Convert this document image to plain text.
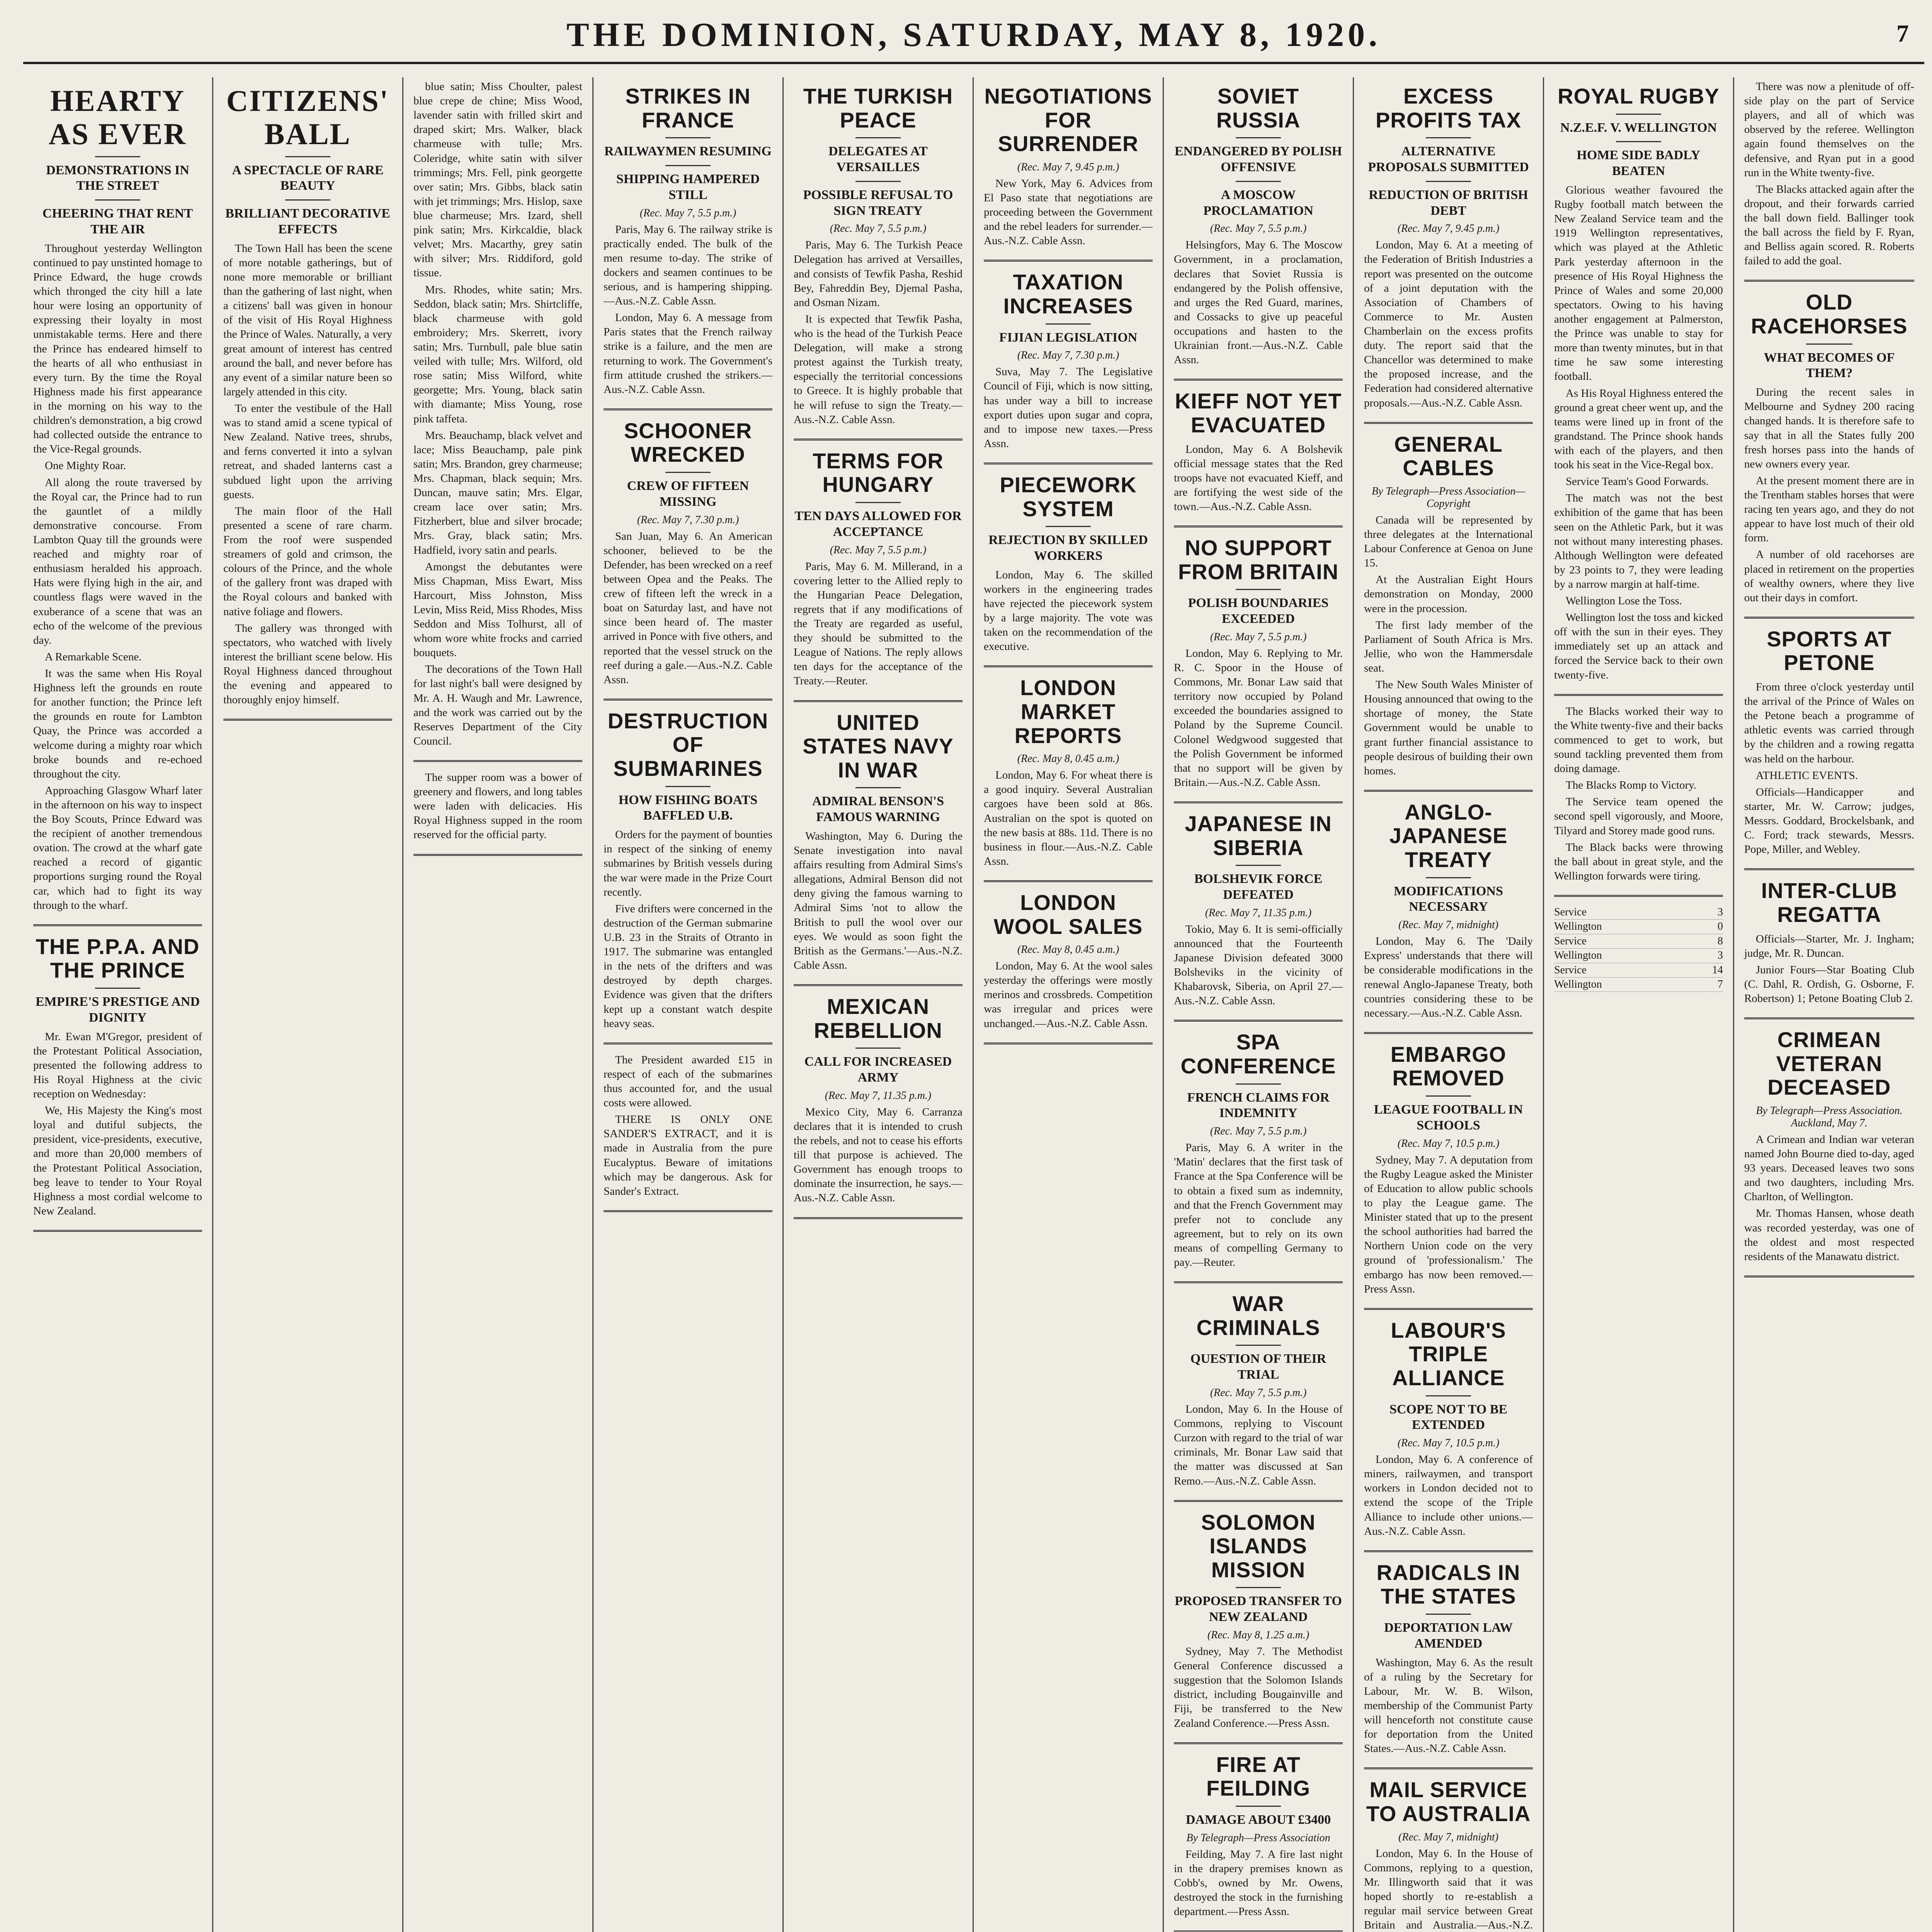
THE DOMINION, SATURDAY, MAY 8, 1920.	7
HEARTY AS EVER
DEMONSTRATIONS IN THE STREET
CHEERING THAT RENT THE AIR

Throughout yesterday Wellington continued to pay unstinted homage to Prince Edward, the huge crowds which thronged the city hill a late hour were losing an opportunity of expressing their loyalty in most unmistakable terms. Here and there the Prince has endeared himself to the hearts of all who enthusiast in every turn. By the time the Royal Highness made his first appearance in the morning on his way to the children's demonstration, a big crowd had collected outside the entrance to the Vice-Regal grounds.

One Mighty Roar.

All along the route traversed by the Royal car, the Prince had to run the gauntlet of a mildly demonstrative concourse. From Lambton Quay till the grounds were reached and mighty roar of enthusiasm heralded his approach. Hats were flying high in the air, and countless flags were waved in the exuberance of a scene that was an echo of the welcome of the previous day.

A Remarkable Scene.

It was the same when His Royal Highness left the grounds en route for another function; the Prince left the grounds en route for Lambton Quay, the Prince was accorded a welcome during a mighty roar which broke bounds and re-echoed throughout the city.

Approaching Glasgow Wharf later in the afternoon on his way to inspect the Boy Scouts, Prince Edward was the recipient of another tremendous ovation. The crowd at the wharf gate reached a record of gigantic proportions surging round the Royal car, which had to fight its way through to the wharf.

THE P.P.A. AND THE PRINCE
EMPIRE'S PRESTIGE AND DIGNITY

Mr. Ewan M'Gregor, president of the Protestant Political Association, presented the following address to His Royal Highness at the civic reception on Wednesday:

We, His Majesty the King's most loyal and dutiful subjects, the president, vice-presidents, executive, and more than 20,000 members of the Protestant Political Association, beg leave to tender to Your Royal Highness a most cordial welcome to New Zealand.

CITIZENS' BALL
A SPECTACLE OF RARE BEAUTY
BRILLIANT DECORATIVE EFFECTS

The Town Hall has been the scene of more notable gatherings, but of none more memorable or brilliant than the gathering of last night, when a citizens' ball was given in honour of the visit of His Royal Highness the Prince of Wales. Naturally, a very great amount of interest has centred around the ball, and never before has any event of a similar nature been so largely attended in this city.

To enter the vestibule of the Hall was to stand amid a scene typical of New Zealand. Native trees, shrubs, and ferns converted it into a sylvan retreat, and shaded lanterns cast a subdued light upon the arriving guests.

The main floor of the Hall presented a scene of rare charm. From the roof were suspended streamers of gold and crimson, the colours of the Prince, and the whole of the gallery front was draped with the Royal colours and banked with native foliage and flowers.

The gallery was thronged with spectators, who watched with lively interest the brilliant scene below. His Royal Highness danced throughout the evening and appeared to thoroughly enjoy himself.

blue satin; Miss Choulter, palest blue crepe de chine; Miss Wood, lavender satin with frilled skirt and draped skirt; Mrs. Walker, black charmeuse with tulle; Mrs. Coleridge, white satin with silver trimmings; Mrs. Fell, pink georgette over satin; Mrs. Gibbs, black satin with jet trimmings; Mrs. Hislop, saxe blue charmeuse; Mrs. Izard, shell pink satin; Mrs. Kirkcaldie, black velvet; Mrs. Macarthy, grey satin with silver; Mrs. Riddiford, gold tissue.

Mrs. Rhodes, white satin; Mrs. Seddon, black satin; Mrs. Shirtcliffe, black charmeuse with gold embroidery; Mrs. Skerrett, ivory satin; Mrs. Turnbull, pale blue satin veiled with tulle; Mrs. Wilford, old rose satin; Miss Wilford, white georgette; Mrs. Young, black satin with diamante; Miss Young, rose pink taffeta.

Mrs. Beauchamp, black velvet and lace; Miss Beauchamp, pale pink satin; Mrs. Brandon, grey charmeuse; Mrs. Chapman, black sequin; Mrs. Duncan, mauve satin; Mrs. Elgar, cream lace over satin; Mrs. Fitzherbert, blue and silver brocade; Mrs. Gray, black satin; Mrs. Hadfield, ivory satin and pearls.

Amongst the debutantes were Miss Chapman, Miss Ewart, Miss Harcourt, Miss Johnston, Miss Levin, Miss Reid, Miss Rhodes, Miss Seddon and Miss Tolhurst, all of whom wore white frocks and carried bouquets.

The decorations of the Town Hall for last night's ball were designed by Mr. A. H. Waugh and Mr. Lawrence, and the work was carried out by the Reserves Department of the City Council.

The supper room was a bower of greenery and flowers, and long tables were laden with delicacies. His Royal Highness supped in the room reserved for the official party.

STRIKES IN FRANCE
RAILWAYMEN RESUMING
SHIPPING HAMPERED STILL
(Rec. May 7, 5.5 p.m.)

Paris, May 6. The railway strike is practically ended. The bulk of the men resume to-day. The strike of dockers and seamen continues to be serious, and is hampering shipping.—Aus.-N.Z. Cable Assn.

London, May 6. A message from Paris states that the French railway strike is a failure, and the men are returning to work. The Government's firm attitude crushed the strikers.—Aus.-N.Z. Cable Assn.

SCHOONER WRECKED
CREW OF FIFTEEN MISSING
(Rec. May 7, 7.30 p.m.)

San Juan, May 6. An American schooner, believed to be the Defender, has been wrecked on a reef between Opea and the Peaks. The crew of fifteen left the wreck in a boat on Saturday last, and have not since been heard of. The master arrived in Ponce with five others, and reported that the vessel struck on the reef during a gale.—Aus.-N.Z. Cable Assn.

DESTRUCTION OF SUBMARINES
HOW FISHING BOATS BAFFLED U.B.

Orders for the payment of bounties in respect of the sinking of enemy submarines by British vessels during the war were made in the Prize Court recently.

Five drifters were concerned in the destruction of the German submarine U.B. 23 in the Straits of Otranto in 1917. The submarine was entangled in the nets of the drifters and was destroyed by depth charges. Evidence was given that the drifters kept up a constant watch despite heavy seas.

The President awarded £15 in respect of each of the submarines thus accounted for, and the usual costs were allowed.

THERE IS ONLY ONE SANDER'S EXTRACT, and it is made in Australia from the pure Eucalyptus. Beware of imitations which may be dangerous. Ask for Sander's Extract.

THE TURKISH PEACE
DELEGATES AT VERSAILLES
POSSIBLE REFUSAL TO SIGN TREATY
(Rec. May 7, 5.5 p.m.)

Paris, May 6. The Turkish Peace Delegation has arrived at Versailles, and consists of Tewfik Pasha, Reshid Bey, Fahreddin Bey, Djemal Pasha, and Osman Nizam.

It is expected that Tewfik Pasha, who is the head of the Turkish Peace Delegation, will make a strong protest against the Turkish treaty, especially the territorial concessions to Greece. It is highly probable that he will refuse to sign the Treaty.—Aus.-N.Z. Cable Assn.

TERMS FOR HUNGARY
TEN DAYS ALLOWED FOR ACCEPTANCE
(Rec. May 7, 5.5 p.m.)

Paris, May 6. M. Millerand, in a covering letter to the Allied reply to the Hungarian Peace Delegation, regrets that if any modifications of the Treaty are regarded as useful, they should be submitted to the League of Nations. The reply allows ten days for the acceptance of the Treaty.—Reuter.

UNITED STATES NAVY IN WAR
ADMIRAL BENSON'S FAMOUS WARNING

Washington, May 6. During the Senate investigation into naval affairs resulting from Admiral Sims's allegations, Admiral Benson did not deny giving the famous warning to Admiral Sims 'not to allow the British to pull the wool over our eyes. We would as soon fight the British as the Germans.'—Aus.-N.Z. Cable Assn.

MEXICAN REBELLION
CALL FOR INCREASED ARMY
(Rec. May 7, 11.35 p.m.)

Mexico City, May 6. Carranza declares that it is intended to crush the rebels, and not to cease his efforts till that purpose is achieved. The Government has enough troops to dominate the insurrection, he says.—Aus.-N.Z. Cable Assn.

NEGOTIATIONS FOR SURRENDER
(Rec. May 7, 9.45 p.m.)

New York, May 6. Advices from El Paso state that negotiations are proceeding between the Government and the rebel leaders for surrender.—Aus.-N.Z. Cable Assn.

TAXATION INCREASES
FIJIAN LEGISLATION
(Rec. May 7, 7.30 p.m.)

Suva, May 7. The Legislative Council of Fiji, which is now sitting, has under way a bill to increase export duties upon sugar and copra, and to impose new taxes.—Press Assn.

PIECEWORK SYSTEM
REJECTION BY SKILLED WORKERS

London, May 6. The skilled workers in the engineering trades have rejected the piecework system by a large majority. The vote was taken on the recommendation of the executive.

LONDON MARKET REPORTS
(Rec. May 8, 0.45 a.m.)

London, May 6. For wheat there is a good inquiry. Several Australian cargoes have been sold at 86s. Australian on the spot is quoted on the new basis at 88s. 11d. There is no business in flour.—Aus.-N.Z. Cable Assn.

LONDON WOOL SALES
(Rec. May 8, 0.45 a.m.)

London, May 6. At the wool sales yesterday the offerings were mostly merinos and crossbreds. Competition was irregular and prices were unchanged.—Aus.-N.Z. Cable Assn.

SOVIET RUSSIA
ENDANGERED BY POLISH OFFENSIVE
A MOSCOW PROCLAMATION
(Rec. May 7, 5.5 p.m.)

Helsingfors, May 6. The Moscow Government, in a proclamation, declares that Soviet Russia is endangered by the Polish offensive, and urges the Red Guard, marines, and Cossacks to give up peaceful occupations and hasten to the Ukrainian front.—Aus.-N.Z. Cable Assn.

KIEFF NOT YET EVACUATED

London, May 6. A Bolshevik official message states that the Red troops have not evacuated Kieff, and are fortifying the west side of the town.—Aus.-N.Z. Cable Assn.

NO SUPPORT FROM BRITAIN
POLISH BOUNDARIES EXCEEDED
(Rec. May 7, 5.5 p.m.)

London, May 6. Replying to Mr. R. C. Spoor in the House of Commons, Mr. Bonar Law said that territory now occupied by Poland exceeded the boundaries assigned to Poland by the Supreme Council. Colonel Wedgwood suggested that the Polish Government be informed that no support will be given by Britain.—Aus.-N.Z. Cable Assn.

JAPANESE IN SIBERIA
BOLSHEVIK FORCE DEFEATED
(Rec. May 7, 11.35 p.m.)

Tokio, May 6. It is semi-officially announced that the Fourteenth Japanese Division defeated 3000 Bolsheviks in the vicinity of Khabarovsk, Siberia, on April 27.—Aus.-N.Z. Cable Assn.

SPA CONFERENCE
FRENCH CLAIMS FOR INDEMNITY
(Rec. May 7, 5.5 p.m.)

Paris, May 6. A writer in the 'Matin' declares that the first task of France at the Spa Conference will be to obtain a fixed sum as indemnity, and that the French Government may prefer not to conclude any agreement, but to rely on its own means of compelling Germany to pay.—Reuter.

WAR CRIMINALS
QUESTION OF THEIR TRIAL
(Rec. May 7, 5.5 p.m.)

London, May 6. In the House of Commons, replying to Viscount Curzon with regard to the trial of war criminals, Mr. Bonar Law said that the matter was discussed at San Remo.—Aus.-N.Z. Cable Assn.

SOLOMON ISLANDS MISSION
PROPOSED TRANSFER TO NEW ZEALAND
(Rec. May 8, 1.25 a.m.)

Sydney, May 7. The Methodist General Conference discussed a suggestion that the Solomon Islands district, including Bougainville and Fiji, be transferred to the New Zealand Conference.—Press Assn.

FIRE AT FEILDING
DAMAGE ABOUT £3400
By Telegraph—Press Association

Feilding, May 7. A fire last night in the drapery premises known as Cobb's, owned by Mr. Owens, destroyed the stock in the furnishing department.—Press Assn.

EXCESS PROFITS TAX
ALTERNATIVE PROPOSALS SUBMITTED
REDUCTION OF BRITISH DEBT
(Rec. May 7, 9.45 p.m.)

London, May 6. At a meeting of the Federation of British Industries a report was presented on the outcome of a joint deputation with the Association of Chambers of Commerce to Mr. Austen Chamberlain on the excess profits duty. The report said that the Chancellor was determined to make the proposed increase, and the Federation had considered alternative proposals.—Aus.-N.Z. Cable Assn.

GENERAL CABLES
By Telegraph—Press Association—Copyright

Canada will be represented by three delegates at the International Labour Conference at Genoa on June 15.

At the Australian Eight Hours demonstration on Monday, 2000 were in the procession.

The first lady member of the Parliament of South Africa is Mrs. Jellie, who won the Hammersdale seat.

The New South Wales Minister of Housing announced that owing to the shortage of money, the State Government would be unable to grant further financial assistance to people desirous of building their own homes.

ANGLO-JAPANESE TREATY
MODIFICATIONS NECESSARY
(Rec. May 7, midnight)

London, May 6. The 'Daily Express' understands that there will be considerable modifications in the renewal Anglo-Japanese Treaty, both countries considering these to be necessary.—Aus.-N.Z. Cable Assn.

EMBARGO REMOVED
LEAGUE FOOTBALL IN SCHOOLS
(Rec. May 7, 10.5 p.m.)

Sydney, May 7. A deputation from the Rugby League asked the Minister of Education to allow public schools to play the League game. The Minister stated that up to the present the school authorities had barred the Northern Union code on the very ground of 'professionalism.' The embargo has now been removed.—Press Assn.

LABOUR'S TRIPLE ALLIANCE
SCOPE NOT TO BE EXTENDED
(Rec. May 7, 10.5 p.m.)

London, May 6. A conference of miners, railwaymen, and transport workers in London decided not to extend the scope of the Triple Alliance to include other unions.—Aus.-N.Z. Cable Assn.

RADICALS IN THE STATES
DEPORTATION LAW AMENDED

Washington, May 6. As the result of a ruling by the Secretary for Labour, Mr. W. B. Wilson, membership of the Communist Party will henceforth not constitute cause for deportation from the United States.—Aus.-N.Z. Cable Assn.

MAIL SERVICE TO AUSTRALIA
(Rec. May 7, midnight)

London, May 6. In the House of Commons, replying to a question, Mr. Illingworth said that it was hoped shortly to re-establish a regular mail service between Great Britain and Australia.—Aus.-N.Z.

ROYAL RUGBY
N.Z.E.F. V. WELLINGTON
HOME SIDE BADLY BEATEN

Glorious weather favoured the Rugby football match between the New Zealand Service team and the 1919 Wellington representatives, which was played at the Athletic Park yesterday afternoon in the presence of His Royal Highness the Prince of Wales and some 20,000 spectators. Owing to his having another engagement at Palmerston, the Prince was unable to stay for more than twenty minutes, but in that time he saw some interesting football.

As His Royal Highness entered the ground a great cheer went up, and the teams were lined up in front of the grandstand. The Prince shook hands with each of the players, and then took his seat in the Vice-Regal box.

Service Team's Good Forwards.

The match was not the best exhibition of the game that has been seen on the Athletic Park, but it was not without many interesting phases. Although Wellington were defeated by 23 points to 7, they were leading by a narrow margin at half-time.

Wellington Lose the Toss.

Wellington lost the toss and kicked off with the sun in their eyes. They immediately set up an attack and forced the Service back to their own twenty-five.

The Blacks worked their way to the White twenty-five and their backs commenced to get to work, but sound tackling prevented them from doing damage.

The Blacks Romp to Victory.

The Service team opened the second spell vigorously, and Moore, Tilyard and Storey made good runs.

The Black backs were throwing the ball about in great style, and the Wellington forwards were tiring.

Service	3
Wellington	0
Service	8
Wellington	3
Service	14
Wellington	7

There was now a plenitude of off-side play on the part of Service players, and all of which was observed by the referee. Wellington again found themselves on the defensive, and Ryan put in a good run in the White twenty-five.

The Blacks attacked again after the dropout, and their forwards carried the ball down field. Ballinger took the ball across the field by F. Ryan, and Belliss again scored. R. Roberts failed to add the goal.

OLD RACEHORSES
WHAT BECOMES OF THEM?

During the recent sales in Melbourne and Sydney 200 racing changed hands. It is therefore safe to say that in all the States fully 200 fresh horses pass into the hands of new owners every year.

At the present moment there are in the Trentham stables horses that were racing ten years ago, and they do not appear to have lost much of their old form.

A number of old racehorses are placed in retirement on the properties of wealthy owners, where they live out their days in comfort.

SPORTS AT PETONE

From three o'clock yesterday until the arrival of the Prince of Wales on the Petone beach a programme of athletic events was carried through by the children and a rowing regatta was held on the harbour.

ATHLETIC EVENTS.

Officials—Handicapper and starter, Mr. W. Carrow; judges, Messrs. Goddard, Brockelsbank, and C. Ford; track stewards, Messrs. Pope, Miller, and Webley.

INTER-CLUB REGATTA

Officials—Starter, Mr. J. Ingham; judge, Mr. R. Duncan.

Junior Fours—Star Boating Club (C. Dahl, R. Ordish, G. Osborne, F. Robertson) 1; Petone Boating Club 2.

CRIMEAN VETERAN DECEASED
By Telegraph—Press Association. Auckland, May 7.

A Crimean and Indian war veteran named John Bourne died to-day, aged 93 years. Deceased leaves two sons and two daughters, including Mrs. Charlton, of Wellington.

Mr. Thomas Hansen, whose death was recorded yesterday, was one of the oldest and most respected residents of the Manawatu district.
